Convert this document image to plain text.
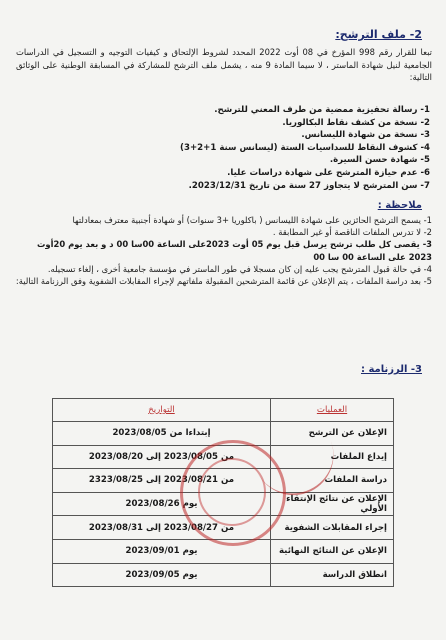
2- ملف الترشح:
تبعا للقرار رقم 998 المؤرخ في 08 أوت 2022 المحدد لشروط الإلتحاق و كيفيات التوجيه و التسجيل في الدراسات الجامعية لنيل شهادة الماستر ، لا سيما المادة 9 منه ، يشمل ملف الترشح للمشاركة في المسابقة الوطنية على الوثائق التالية:
1- رسالة تحفيزية ممضية من طرف المعني للترشح.
2- نسخة من كشف نقاط البكالوريا.
3- نسخة من شهادة الليسانس.
4- كشوف النقاط للسداسيات الستة (ليسانس سنة 1+2+3)
5- شهادة حسن السيرة.
6- عدم حيازة المترشح على شهادة دراسات عليا.
7- سن المترشح لا يتجاوز 27 سنة من تاريخ 2023/12/31.
ملاحظة :
1- يسمح الترشح الحائزين على شهادة الليسانس ( باكلوريا +3 سنوات) أو شهادة أجنبية معترف بمعادلتها
2- لا تدرس الملفات الناقصة أو غير المطابقة .
3- يقصى كل طلب ترشح يرسل قبل يوم 05 أوت 2023على الساعة 00سا 00 د و بعد يوم 20أوت 2023 على الساعة 00 سا 00
4- في حالة قبول المترشح يجب عليه إن كان مسجلا في طور الماستر في مؤسسة جامعية أخرى ، إلغاء تسجيله.
5- بعد دراسة الملفات ، يتم الإعلان عن قائمة المترشحين المقبولة ملفاتهم لإجراء المقابلات الشفوية وفق الرزنامة التالية:
3- الرزنامة :
العمليات	التواريخ
الإعلان عن الترشح	إبتداءا من 2023/08/05
إيداع الملفات	من 2023/08/05 إلى 2023/08/20
دراسة الملفات	من 2023/08/21 إلى 2323/08/25
الإعلان عن نتائج الإنتقاء الأولي	يوم 2023/08/26
إجراء المقابلات الشفوية	من 2023/08/27 إلى 2023/08/31
الإعلان عن النتائج النهائية	يوم 2023/09/01
انطلاق الدراسة	يوم 2023/09/05
